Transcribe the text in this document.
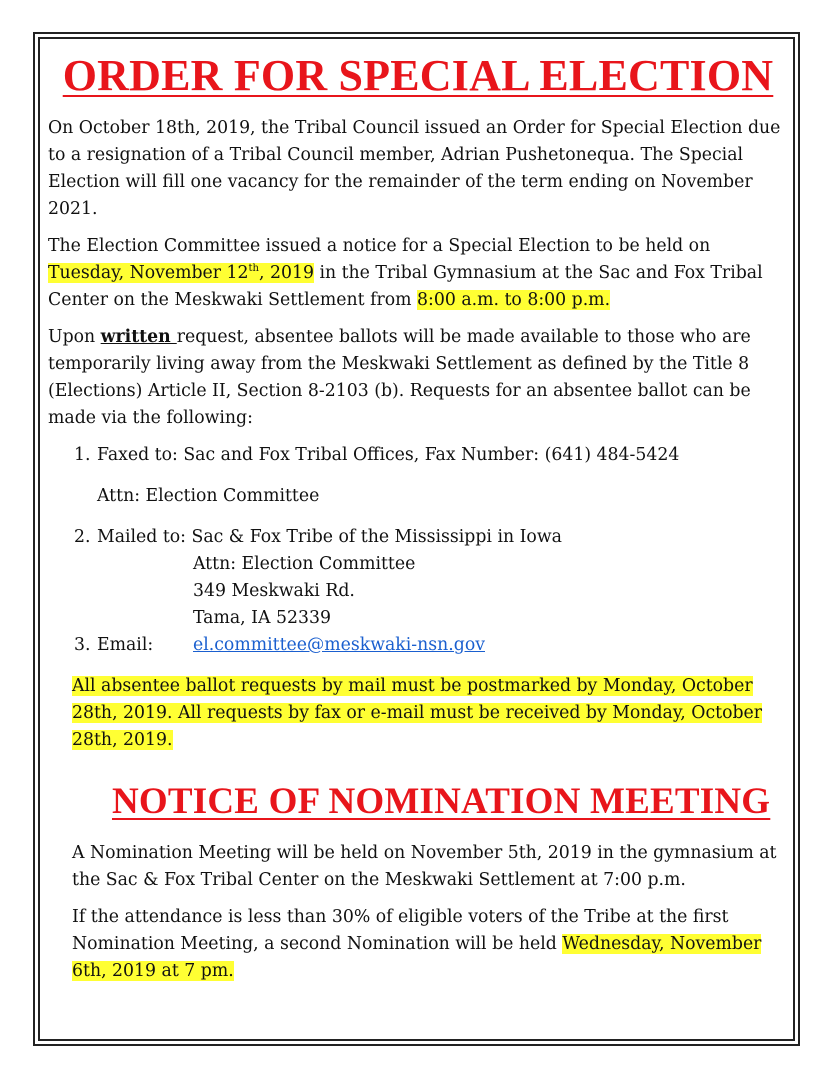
ORDER FOR SPECIAL ELECTION

On October 18th, 2019, the Tribal Council issued an Order for Special Election due to a resignation of a Tribal Council member, Adrian Pushetonequa. The Special Election will fill one vacancy for the remainder of the term ending on November 2021.

The Election Committee issued a notice for a Special Election to be held on Tuesday, November 12th, 2019 in the Tribal Gymnasium at the Sac and Fox Tribal Center on the Meskwaki Settlement from 8:00 a.m. to 8:00 p.m.

Upon written request, absentee ballots will be made available to those who are temporarily living away from the Meskwaki Settlement as defined by the Title 8 (Elections) Article II, Section 8-2103 (b). Requests for an absentee ballot can be made via the following:

1. Faxed to: Sac and Fox Tribal Offices, Fax Number: (641) 484-5424
Attn: Election Committee
2. Mailed to: Sac & Fox Tribe of the Mississippi in Iowa
Attn: Election Committee
349 Meskwaki Rd.
Tama, IA 52339
3. Email:	el.committee@meskwaki-nsn.gov

All absentee ballot requests by mail must be postmarked by Monday, October 28th, 2019. All requests by fax or e-mail must be received by Monday, October 28th, 2019.

NOTICE OF NOMINATION MEETING

A Nomination Meeting will be held on November 5th, 2019 in the gymnasium at the Sac & Fox Tribal Center on the Meskwaki Settlement at 7:00 p.m.

If the attendance is less than 30% of eligible voters of the Tribe at the first Nomination Meeting, a second Nomination will be held Wednesday, November 6th, 2019 at 7 pm.
